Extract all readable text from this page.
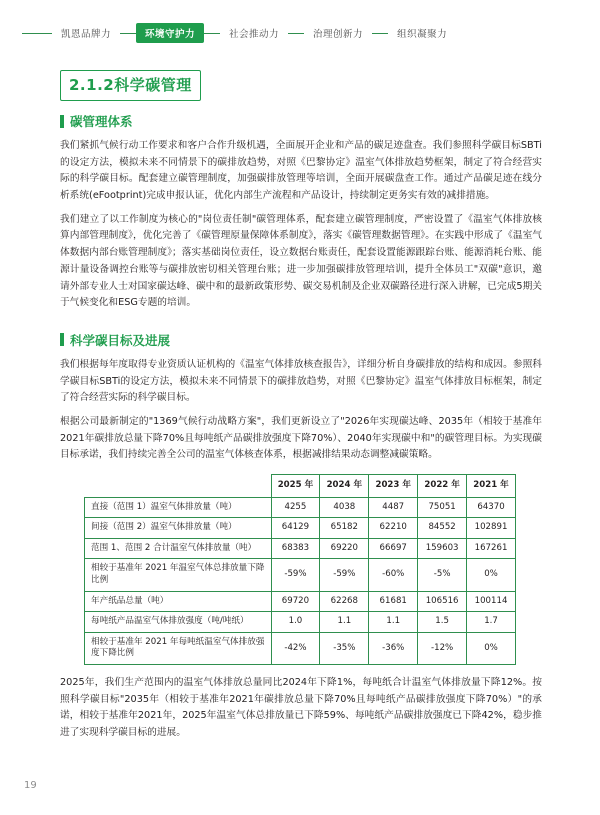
凯恩品牌力	环境守护力	社会推动力	治理创新力	组织凝聚力
2.1.2科学碳管理
碳管理体系

我们紧抓气候行动工作要求和客户合作升级机遇，全面展开企业和产品的碳足迹盘查。我们参照科学碳目标SBTi的设定方法，模拟未来不同情景下的碳排放趋势，对照《巴黎协定》温室气体排放趋势框架，制定了符合经营实际的科学碳目标。配套建立碳管理制度，加强碳排放管理等培训，全面开展碳盘查工作。通过产品碳足迹在线分析系统(eFootprint)完成申报认证，优化内部生产流程和产品设计，持续制定更务实有效的减排措施。

我们建立了以工作制度为核心的"岗位责任制"碳管理体系，配套建立碳管理制度，严密设置了《温室气体排放核算内部管理制度》，优化完善了《碳管理原量保障体系制度》，落实《碳管理数据管理》。在实践中形成了《温室气体数据内部台账管理制度》；落实基础岗位责任，设立数据台账责任，配套设置能源跟踪台账、能源消耗台账、能源计量设备调控台账等与碳排放密切相关管理台账；进一步加强碳排放管理培训，提升全体员工"双碳"意识，邀请外部专业人士对国家碳达峰、碳中和的最新政策形势、碳交易机制及企业双碳路径进行深入讲解，已完成5期关于气候变化和ESG专题的培训。

科学碳目标及进展

我们根据每年度取得专业资质认证机构的《温室气体排放核查报告》，详细分析自身碳排放的结构和成因。参照科学碳目标SBTi的设定方法，模拟未来不同情景下的碳排放趋势，对照《巴黎协定》温室气体排放目标框架，制定了符合经营实际的科学碳目标。

根据公司最新制定的"1369气候行动战略方案"，我们更新设立了"2026年实现碳达峰、2035年（相较于基准年2021年碳排放总量下降70%且每吨纸产品碳排放强度下降70%）、2040年实现碳中和"的碳管理目标。为实现碳目标承诺，我们持续完善全公司的温室气体核查体系，根据减排结果动态调整减碳策略。

	2025 年	2024 年	2023 年	2022 年	2021 年
直接（范围 1）温室气体排放量（吨）	4255	4038	4487	75051	64370
间接（范围 2）温室气体排放量（吨）	64129	65182	62210	84552	102891
范围 1、范围 2 合计温室气体排放量（吨）	68383	69220	66697	159603	167261
相较于基准年 2021 年温室气体总排放量下降比例	-59%	-59%	-60%	-5%	0%
年产纸品总量（吨）	69720	62268	61681	106516	100114
每吨纸产品温室气体排放强度（吨/吨纸）	1.0	1.1	1.1	1.5	1.7
相较于基准年 2021 年每吨纸温室气体排放强度下降比例	-42%	-35%	-36%	-12%	0%

2025年，我们生产范围内的温室气体排放总量同比2024年下降1%，每吨纸合计温室气体排放量下降12%。按照科学碳目标"2035年（相较于基准年2021年碳排放总量下降70%且每吨纸产品碳排放强度下降70%）"的承诺，相较于基准年2021年，2025年温室气体总排放量已下降59%、每吨纸产品碳排放强度已下降42%，稳步推进了实现科学碳目标的进展。

19
